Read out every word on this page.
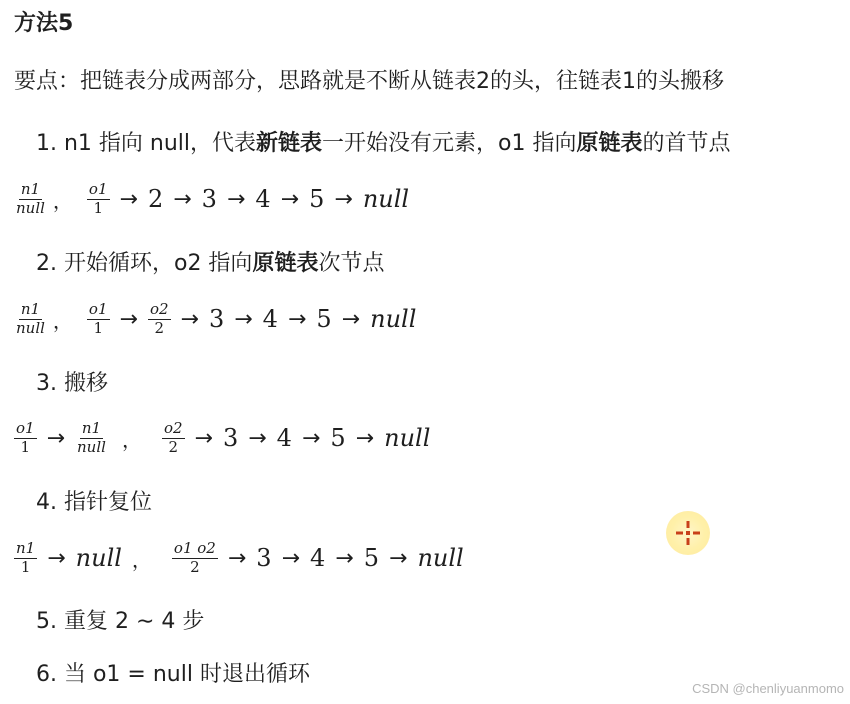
方法5
要点：把链表分成两部分，思路就是不断从链表2的头，往链表1的头搬移
1. n1 指向 null，代表新链表一开始没有元素，o1 指向原链表的首节点
$\frac{n1}{\text{null}}$ ， $\frac{o1}{1} \to 2 \to 3 \to 4 \to 5$ → null
2. 开始循环，o2 指向原链表次节点
$\frac{n1}{\text{null}}$ ， $\frac{o1}{1} \to \frac{o2}{2} \to 3 \to 4 \to 5$ → null
3. 搬移
$\frac{o1}{1} \to \frac{n1}{\text{null}}$ ， $\frac{o2}{2} \to 3 \to 4 \to 5$ → null
4. 指针复位
$\frac{n1}{1}$ → null ， $\frac{o1 o2}{2} \to 3 \to 4 \to 5$ → null
5. 重复 2 ∼ 4 步
6. 当 o1 = null 时退出循环
CSDN @chenliyuanmomo
